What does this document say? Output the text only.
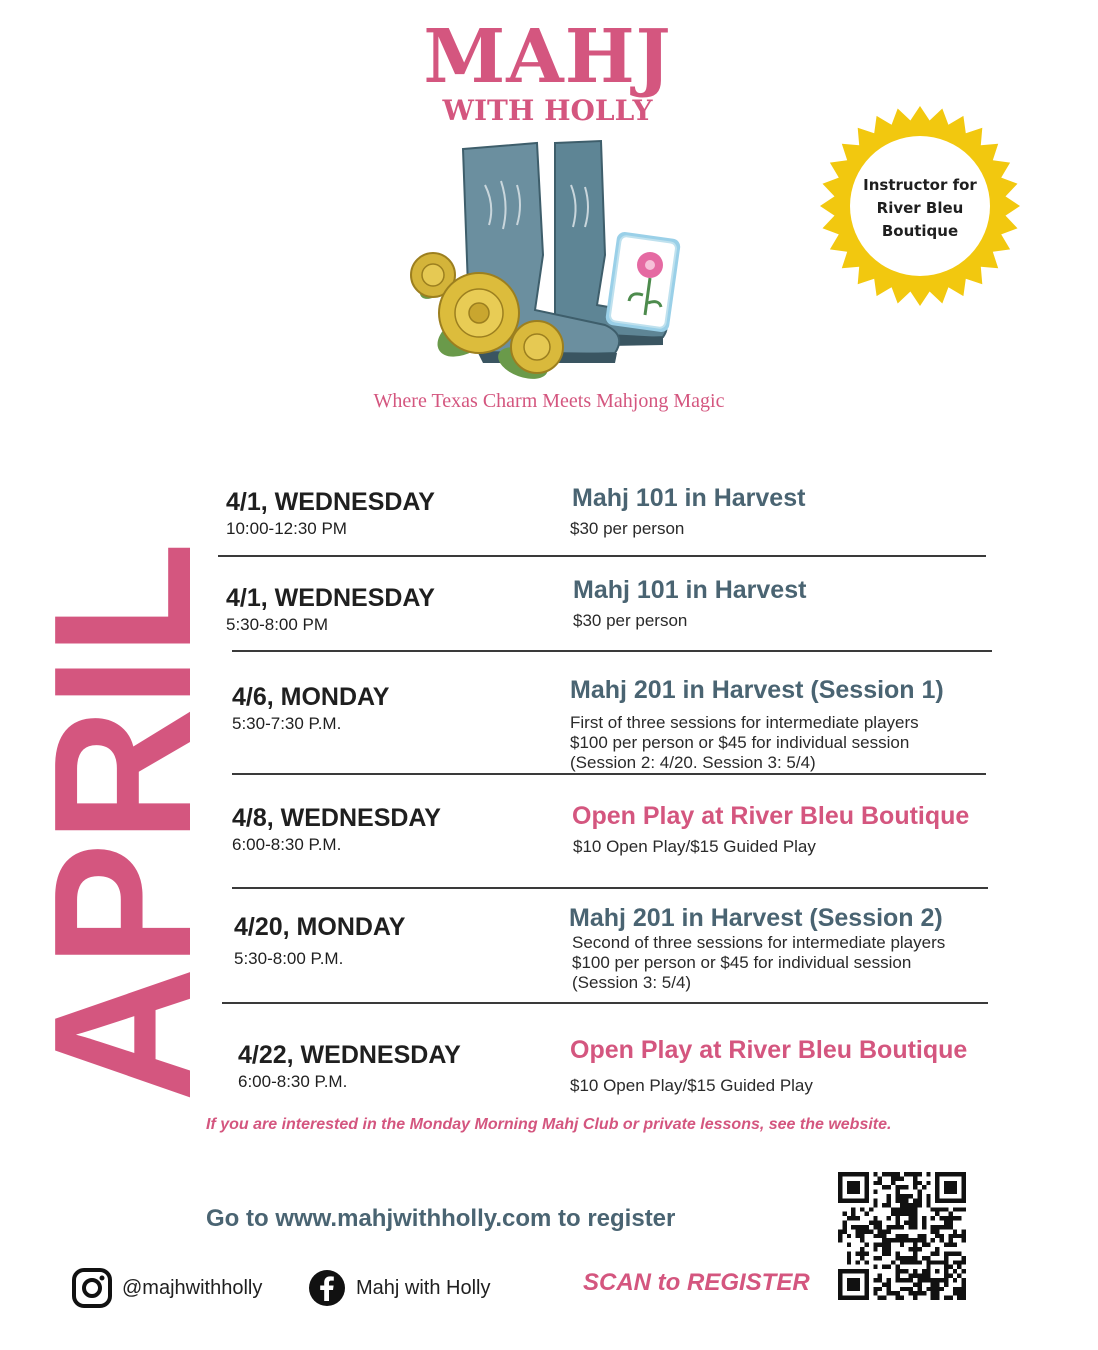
MAHJ
WITH HOLLY
Where Texas Charm Meets Mahjong Magic
Instructor for
River Bleu
Boutique
APRIL
4/1, WEDNESDAY
10:00-12:30 PM
Mahj 101 in Harvest
$30 per person
4/1, WEDNESDAY
5:30-8:00 PM
Mahj 101 in Harvest
$30 per person
4/6, MONDAY
5:30-7:30 P.M.
Mahj 201 in Harvest (Session 1)
First of three sessions for intermediate players
$100 per person or $45 for individual session
(Session 2: 4/20. Session 3: 5/4)
4/8, WEDNESDAY
6:00-8:30 P.M.
Open Play at River Bleu Boutique
$10 Open Play/$15 Guided Play
4/20, MONDAY
5:30-8:00 P.M.
Mahj 201 in Harvest (Session 2)
Second of three sessions for intermediate players
$100 per person or $45 for individual session
(Session 3: 5/4)
4/22, WEDNESDAY
6:00-8:30 P.M.
Open Play at River Bleu Boutique
$10 Open Play/$15 Guided Play
If you are interested in the Monday Morning Mahj Club or private lessons, see the website.
Go to www.mahjwithholly.com to register
SCAN to REGISTER
@majhwithholly	Mahj with Holly
